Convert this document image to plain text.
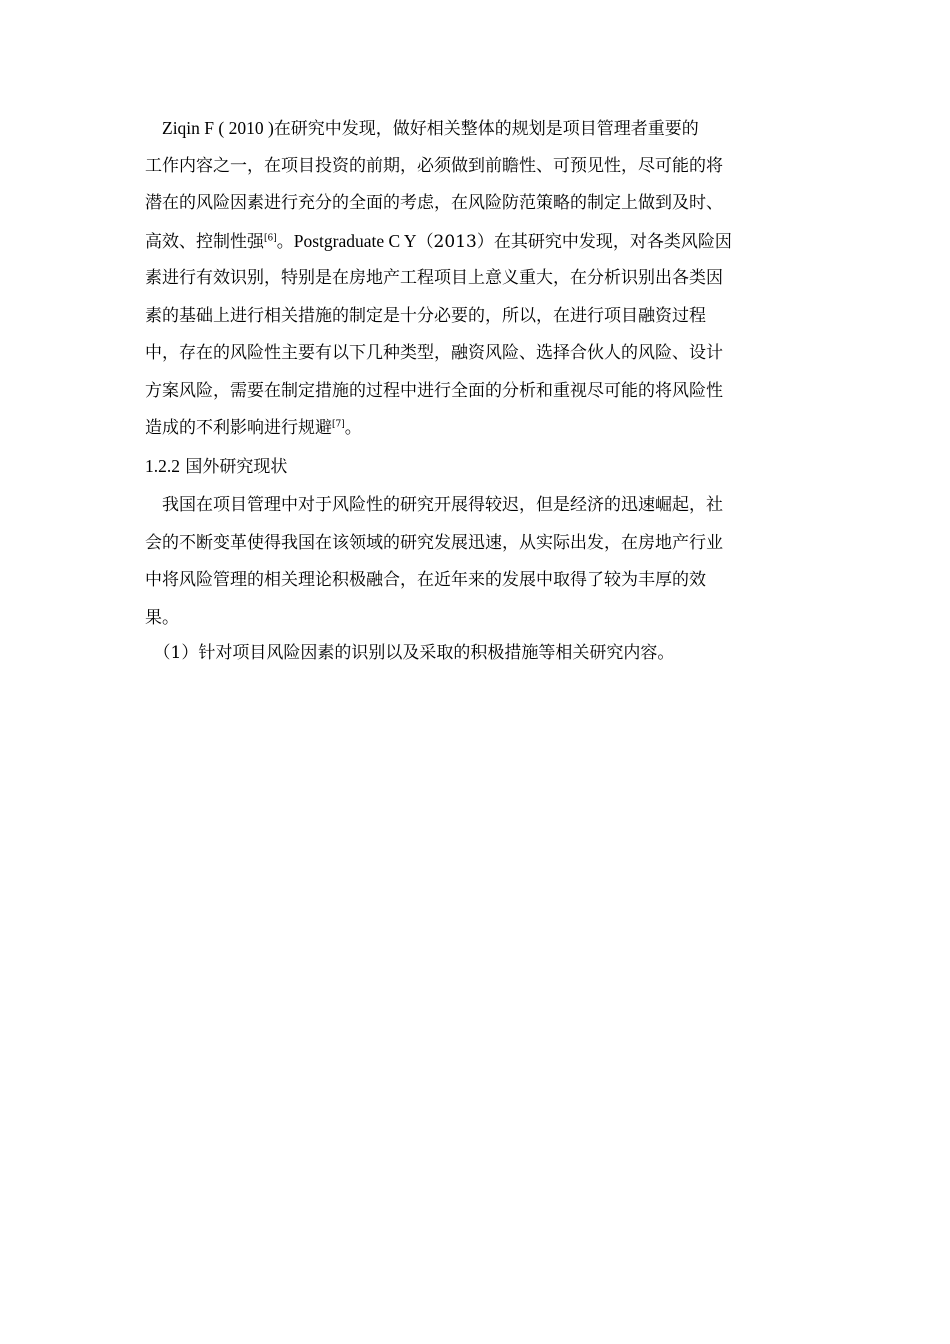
　Ziqin F ( 2010 )在研究中发现，做好相关整体的规划是项目管理者重要的
工作内容之一，在项目投资的前期，必须做到前瞻性、可预见性，尽可能的将
潜在的风险因素进行充分的全面的考虑，在风险防范策略的制定上做到及时、
高效、控制性强[6]。Postgraduate C Y（2013）在其研究中发现，对各类风险因
素进行有效识别，特别是在房地产工程项目上意义重大，在分析识别出各类因
素的基础上进行相关措施的制定是十分必要的，所以，在进行项目融资过程
中，存在的风险性主要有以下几种类型，融资风险、选择合伙人的风险、设计
方案风险，需要在制定措施的过程中进行全面的分析和重视尽可能的将风险性
造成的不利影响进行规避[7]。
1.2.2 国外研究现状
　我国在项目管理中对于风险性的研究开展得较迟，但是经济的迅速崛起，社
会的不断变革使得我国在该领域的研究发展迅速，从实际出发，在房地产行业
中将风险管理的相关理论积极融合，在近年来的发展中取得了较为丰厚的效
果。
　（1）针对项目风险因素的识别以及采取的积极措施等相关研究内容。
